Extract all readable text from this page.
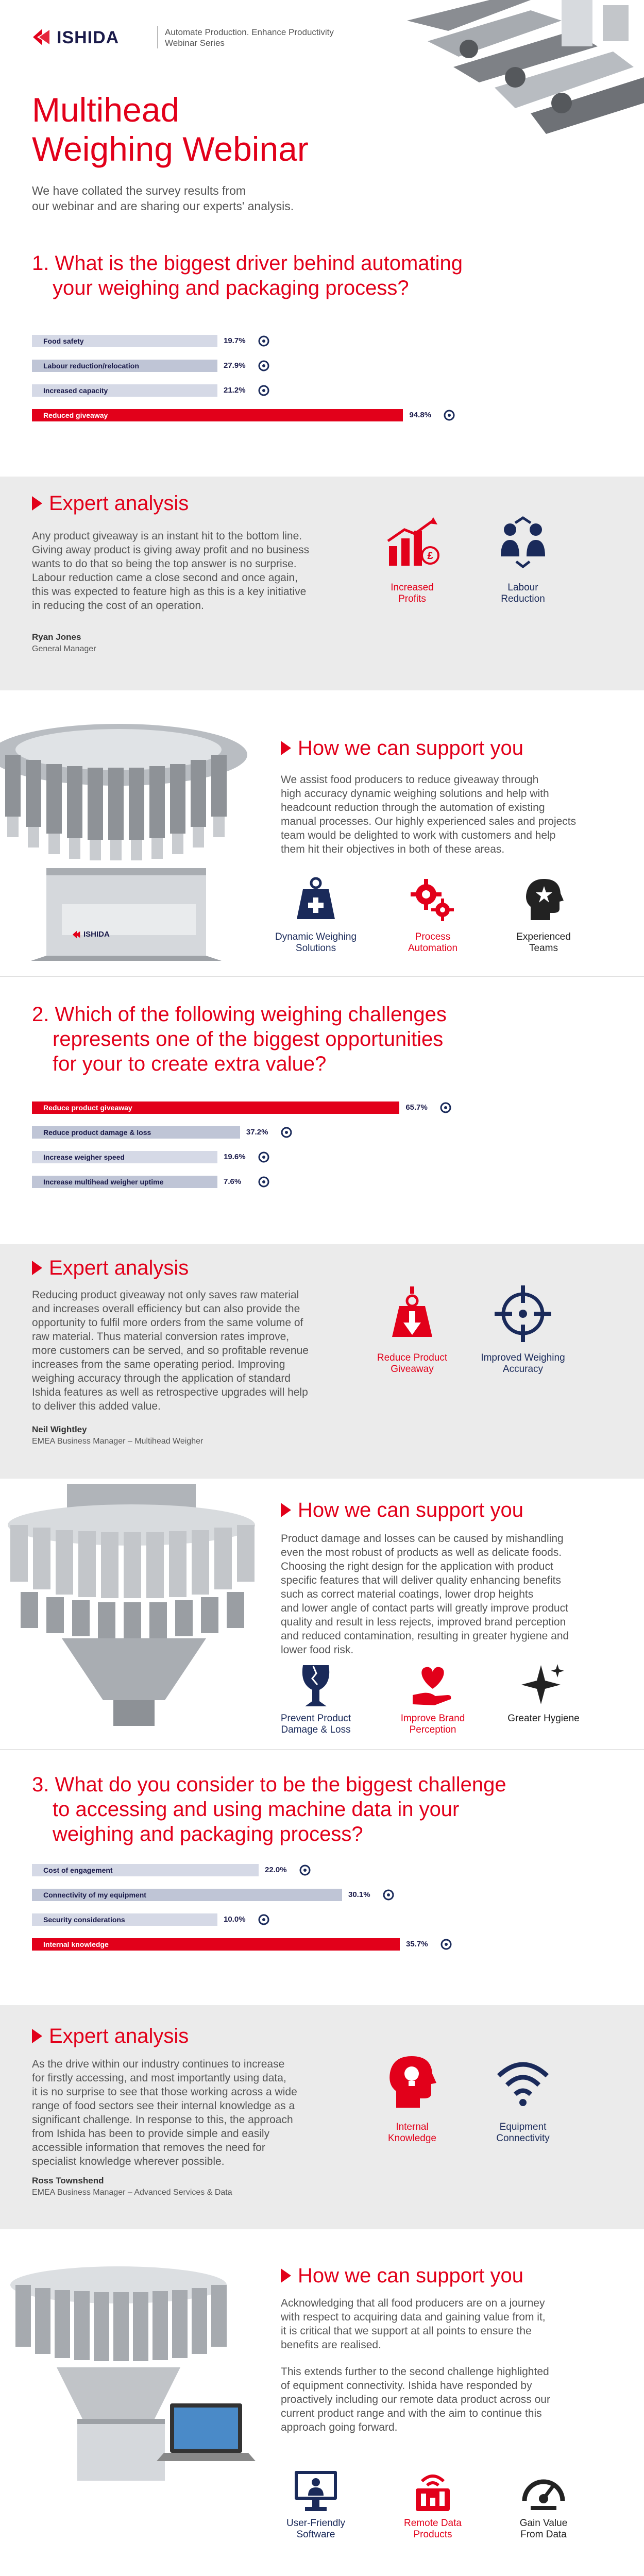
ISHIDA	Automate Production. Enhance Productivity
Webinar Series
Multihead
Weighing Webinar
We have collated the survey results from
our webinar and are sharing our experts' analysis.
1. What is the biggest driver behind automating
your weighing and packaging process?
Food safety	19.7%
Labour reduction/relocation	27.9%
Increased capacity	21.2%
Reduced giveaway	94.8%
Expert analysis
Any product giveaway is an instant hit to the bottom line.
Giving away product is giving away profit and no business
wants to do that so being the top answer is no surprise.
Labour reduction came a close second and once again,
this was expected to feature high as this is a key initiative
in reducing the cost of an operation.
Ryan Jones
General Manager
£
Increased
Profits
Labour
Reduction
ISHIDA
How we can support you
We assist food producers to reduce giveaway through
high accuracy dynamic weighing solutions and help with
headcount reduction through the automation of existing
manual processes. Our highly experienced sales and projects
team would be delighted to work with customers and help
them hit their objectives in both of these areas.
Dynamic Weighing
Solutions
Process
Automation
Experienced
Teams
2. Which of the following weighing challenges
represents one of the biggest opportunities
for your to create extra value?
Reduce product giveaway	65.7%
Reduce product damage & loss	37.2%
Increase weigher speed	19.6%
Increase multihead weigher uptime	7.6%
Expert analysis
Reducing product giveaway not only saves raw material
and increases overall efficiency but can also provide the
opportunity to fulfil more orders from the same volume of
raw material. Thus material conversion rates improve,
more customers can be served, and so profitable revenue
increases from the same operating period. Improving
weighing accuracy through the application of standard
Ishida features as well as retrospective upgrades will help
to deliver this added value.
Neil Wightley
EMEA Business Manager – Multihead Weigher
Reduce Product
Giveaway
Improved Weighing
Accuracy
How we can support you
Product damage and losses can be caused by mishandling
even the most robust of products as well as delicate foods.
Choosing the right design for the application with product
specific features that will deliver quality enhancing benefits
such as correct material coatings, lower drop heights
and lower angle of contact parts will greatly improve product
quality and result in less rejects, improved brand perception
and reduced contamination, resulting in greater hygiene and
lower food risk.
Prevent Product
Damage & Loss
Improve Brand
Perception
Greater Hygiene
3. What do you consider to be the biggest challenge
to accessing and using machine data in your
weighing and packaging process?
Cost of engagement	22.0%
Connectivity of my equipment	30.1%
Security considerations	10.0%
Internal knowledge	35.7%
Expert analysis
As the drive within our industry continues to increase
for firstly accessing, and most importantly using data,
it is no surprise to see that those working across a wide
range of food sectors see their internal knowledge as a
significant challenge. In response to this, the approach
from Ishida has been to provide simple and easily
accessible information that removes the need for
specialist knowledge wherever possible.
Ross Townshend
EMEA Business Manager – Advanced Services & Data
Internal
Knowledge
Equipment
Connectivity
How we can support you
Acknowledging that all food producers are on a journey
with respect to acquiring data and gaining value from it,
it is critical that we support at all points to ensure the
benefits are realised.
This extends further to the second challenge highlighted
of equipment connectivity. Ishida have responded by
proactively including our remote data product across our
current product range and with the aim to continue this
approach going forward.
User-Friendly
Software
Remote Data
Products
Gain Value
From Data
